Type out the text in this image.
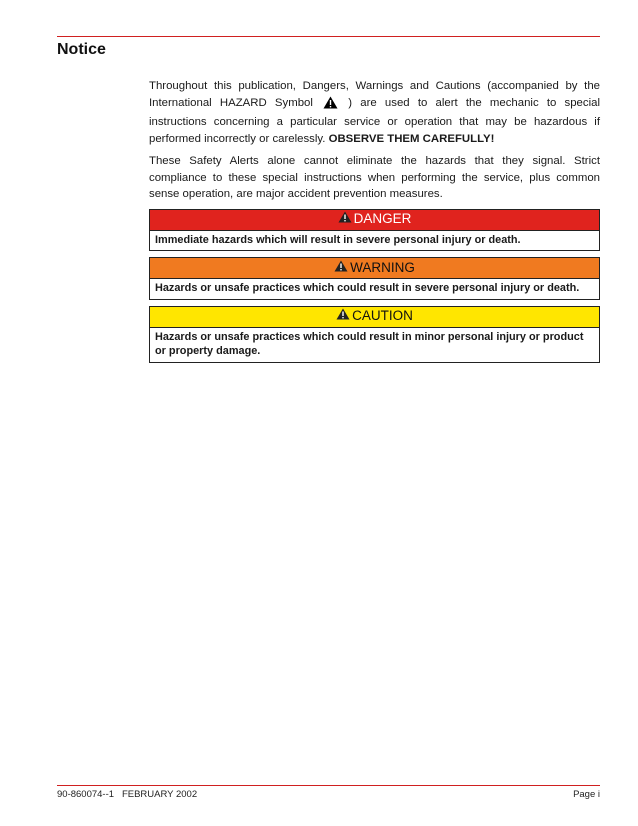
Notice

Throughout this publication, Dangers, Warnings and Cautions (accompanied by the International HAZARD Symbol	) are used to alert the mechanic to special instructions concerning a particular service or operation that may be hazardous if performed incorrectly or carelessly. OBSERVE THEM CAREFULLY!

These Safety Alerts alone cannot eliminate the hazards that they signal. Strict compliance to these special instructions when performing the service, plus common sense operation, are major accident prevention measures.

DANGER
Immediate hazards which will result in severe personal injury or death.
WARNING
Hazards or unsafe practices which could result in severe personal injury or death.
CAUTION
Hazards or unsafe practices which could result in minor personal injury or product or property damage.
90-860074--1   FEBRUARY 2002	Page i
